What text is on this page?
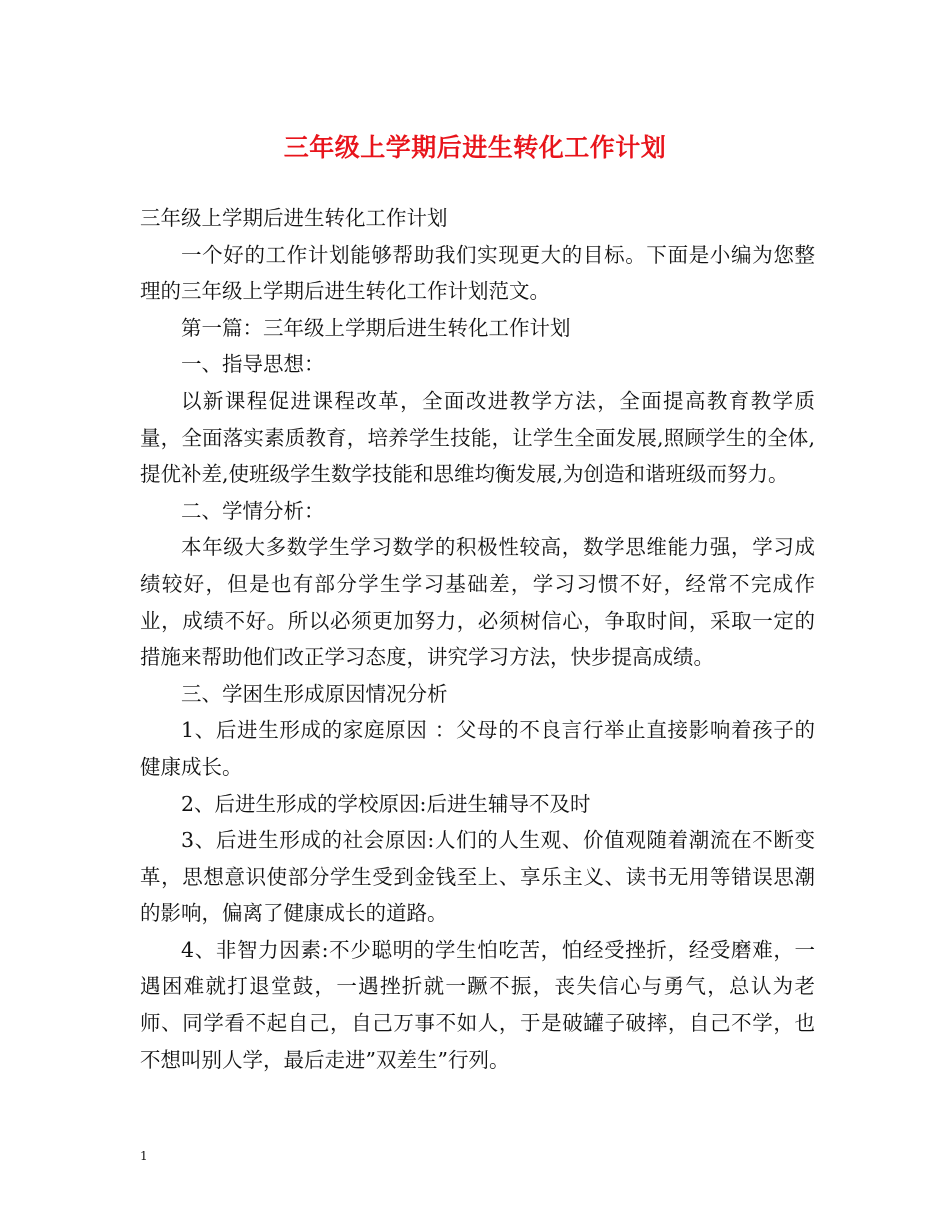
三年级上学期后进生转化工作计划

三年级上学期后进生转化工作计划

一个好的工作计划能够帮助我们实现更大的目标。下面是小编为您整理的三年级上学期后进生转化工作计划范文。

第一篇：三年级上学期后进生转化工作计划

一、指导思想：

以新课程促进课程改革，全面改进教学方法，全面提高教育教学质量，全面落实素质教育，培养学生技能，让学生全面发展,照顾学生的全体,提优补差,使班级学生数学技能和思维均衡发展,为创造和谐班级而努力。

二、学情分析：

本年级大多数学生学习数学的积极性较高，数学思维能力强，学习成绩较好，但是也有部分学生学习基础差，学习习惯不好，经常不完成作业，成绩不好。所以必须更加努力，必须树信心，争取时间，采取一定的措施来帮助他们改正学习态度，讲究学习方法，快步提高成绩。

三、学困生形成原因情况分析

1、后进生形成的家庭原因 ：父母的不良言行举止直接影响着孩子的健康成长。

2、后进生形成的学校原因:后进生辅导不及时

3、后进生形成的社会原因:人们的人生观、价值观随着潮流在不断变革，思想意识使部分学生受到金钱至上、享乐主义、读书无用等错误思潮的影响，偏离了健康成长的道路。

4、非智力因素:不少聪明的学生怕吃苦，怕经受挫折，经受磨难，一遇困难就打退堂鼓，一遇挫折就一蹶不振，丧失信心与勇气，总认为老师、同学看不起自己，自己万事不如人，于是破罐子破摔，自己不学，也不想叫别人学，最后走进”双差生”行列。

1
